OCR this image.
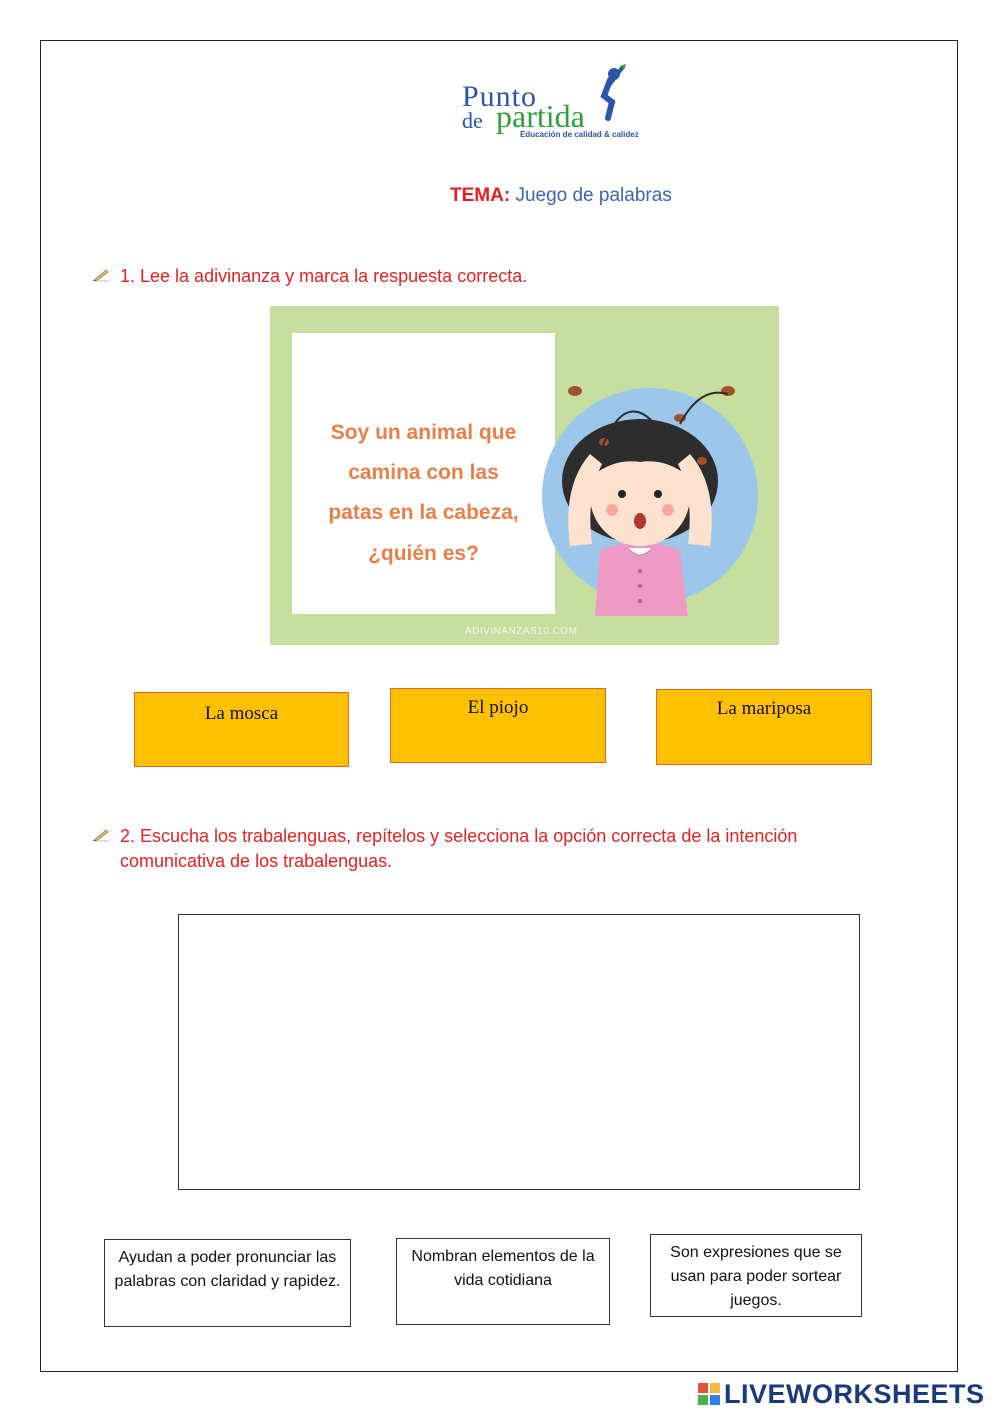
Punto
de partida
Educación de calidad & calidez
TEMA: Juego de palabras
1. Lee la adivinanza y marca la respuesta correcta.
Soy un animal que
camina con las
patas en la cabeza,
¿quién es?
ADIVINANZAS10.COM
La mosca	El piojo	La mariposa
2. Escucha los trabalenguas, repítelos y selecciona la opción correcta de la intención
comunicativa de los trabalenguas.
Ayudan a poder pronunciar las palabras con claridad y rapidez.
Nombran elementos de la vida cotidiana
Son expresiones que se usan para poder sortear juegos.
LIVEWORKSHEETS
